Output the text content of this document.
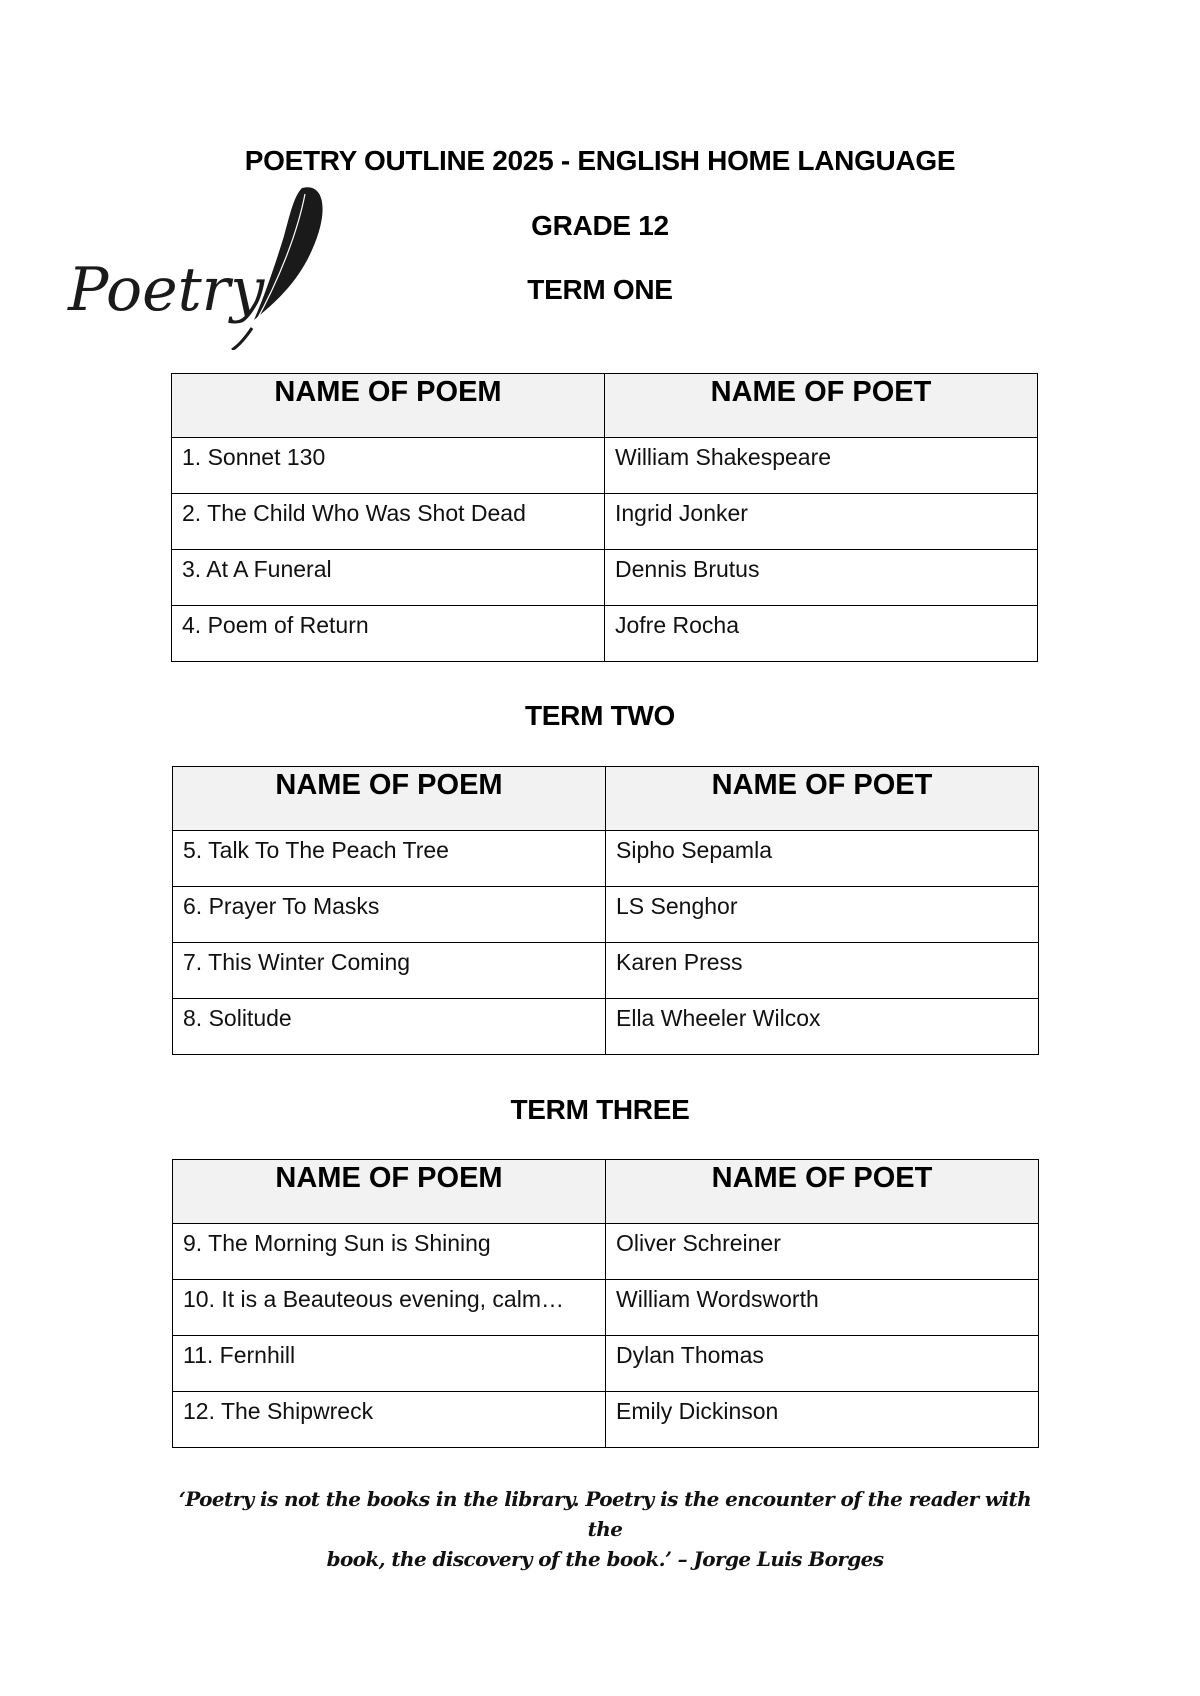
POETRY OUTLINE 2025 - ENGLISH HOME LANGUAGE
GRADE 12
Poetry	TERM ONE
NAME OF POEM	NAME OF POET
1. Sonnet 130	William Shakespeare
2. The Child Who Was Shot Dead	Ingrid Jonker
3. At A Funeral	Dennis Brutus
4. Poem of Return	Jofre Rocha
TERM TWO
NAME OF POEM	NAME OF POET
5. Talk To The Peach Tree	Sipho Sepamla
6. Prayer To Masks	LS Senghor
7. This Winter Coming	Karen Press
8. Solitude	Ella Wheeler Wilcox
TERM THREE
NAME OF POEM	NAME OF POET
9. The Morning Sun is Shining	Oliver Schreiner
10. It is a Beauteous evening, calm…	William Wordsworth
11. Fernhill	Dylan Thomas
12. The Shipwreck	Emily Dickinson
‘Poetry is not the books in the library. Poetry is the encounter of the reader with the
book, the discovery of the book.’ – Jorge Luis Borges
